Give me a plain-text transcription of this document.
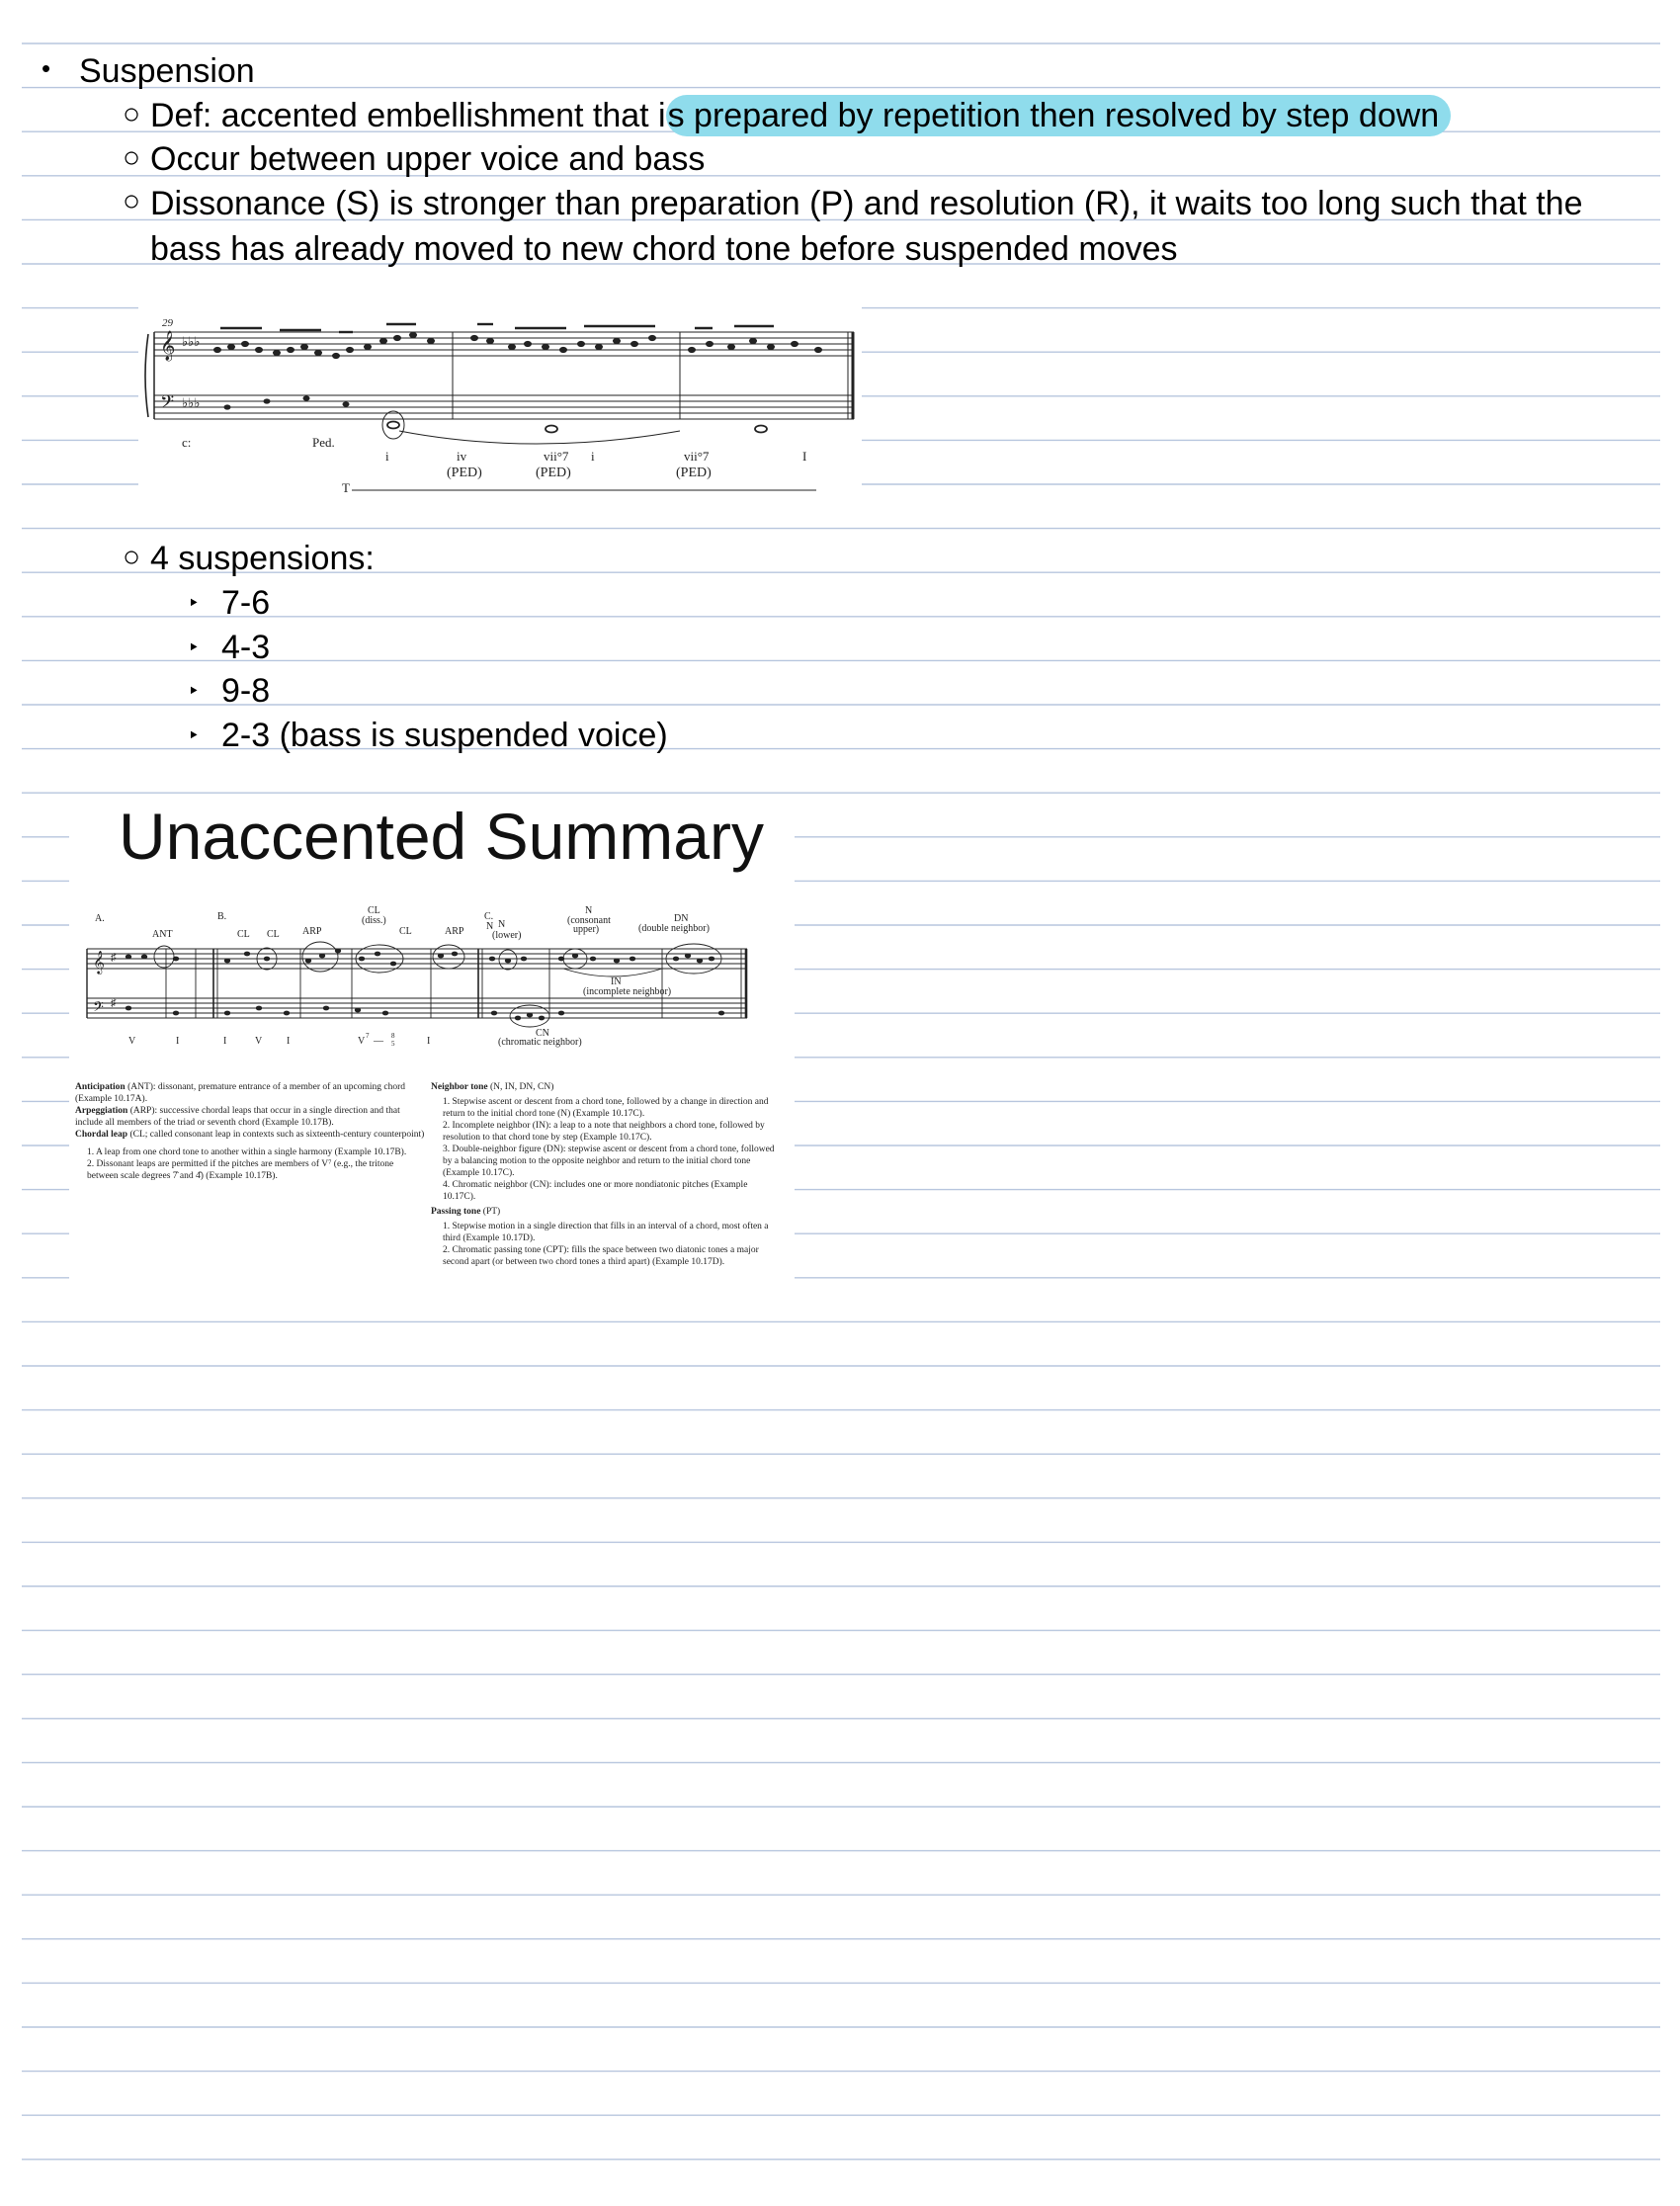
• Suspension
○ Def: accented embellishment that is prepared by repetition then resolved by step down
○ Occur between upper voice and bass
○ Dissonance (S) is stronger than preparation (P) and resolution (R), it waits too long such that the
bass has already moved to new chord tone before suspended moves
𝄞
𝄢
♭♭♭
♭♭♭
29
c:	Ped.
i	iv	vii°7 i	vii°7	I
(PED)	(PED)	(PED)
T
○ 4 suspensions:
‣ 7-6
‣ 4-3
‣ 9-8
‣ 2-3 (bass is suspended voice)
Unaccented Summary
A.	B.	C.
ANT	CL CL ARP
CL
(diss.)
CL	ARP N N
(lower)
N
(consonant
upper)
DN
(double neighbor)
IN
(incomplete neighbor)
CN
(chromatic neighbor)
𝄞
𝄢
♯
♯
V	I	I	V I	V 7 — 8
5	I

Anticipation (ANT): dissonant, premature entrance of a member of an upcoming chord (Example 10.17A).

Arpeggiation (ARP): successive chordal leaps that occur in a single direction and that include all members of the triad or seventh chord (Example 10.17B).

Chordal leap (CL; called consonant leap in contexts such as sixteenth-century counterpoint)

1. A leap from one chord tone to another within a single harmony (Example 10.17B).

2. Dissonant leaps are permitted if the pitches are members of V⁷ (e.g., the tritone between scale degrees 7̂ and 4̂) (Example 10.17B).

Neighbor tone (N, IN, DN, CN)

1. Stepwise ascent or descent from a chord tone, followed by a change in direction and return to the initial chord tone (N) (Example 10.17C).

2. Incomplete neighbor (IN): a leap to a note that neighbors a chord tone, followed by resolution to that chord tone by step (Example 10.17C).

3. Double-neighbor figure (DN): stepwise ascent or descent from a chord tone, followed by a balancing motion to the opposite neighbor and return to the initial chord tone (Example 10.17C).

4. Chromatic neighbor (CN): includes one or more nondiatonic pitches (Example 10.17C).

Passing tone (PT)

1. Stepwise motion in a single direction that fills in an interval of a chord, most often a third (Example 10.17D).

2. Chromatic passing tone (CPT): fills the space between two diatonic tones a major second apart (or between two chord tones a third apart) (Example 10.17D).
